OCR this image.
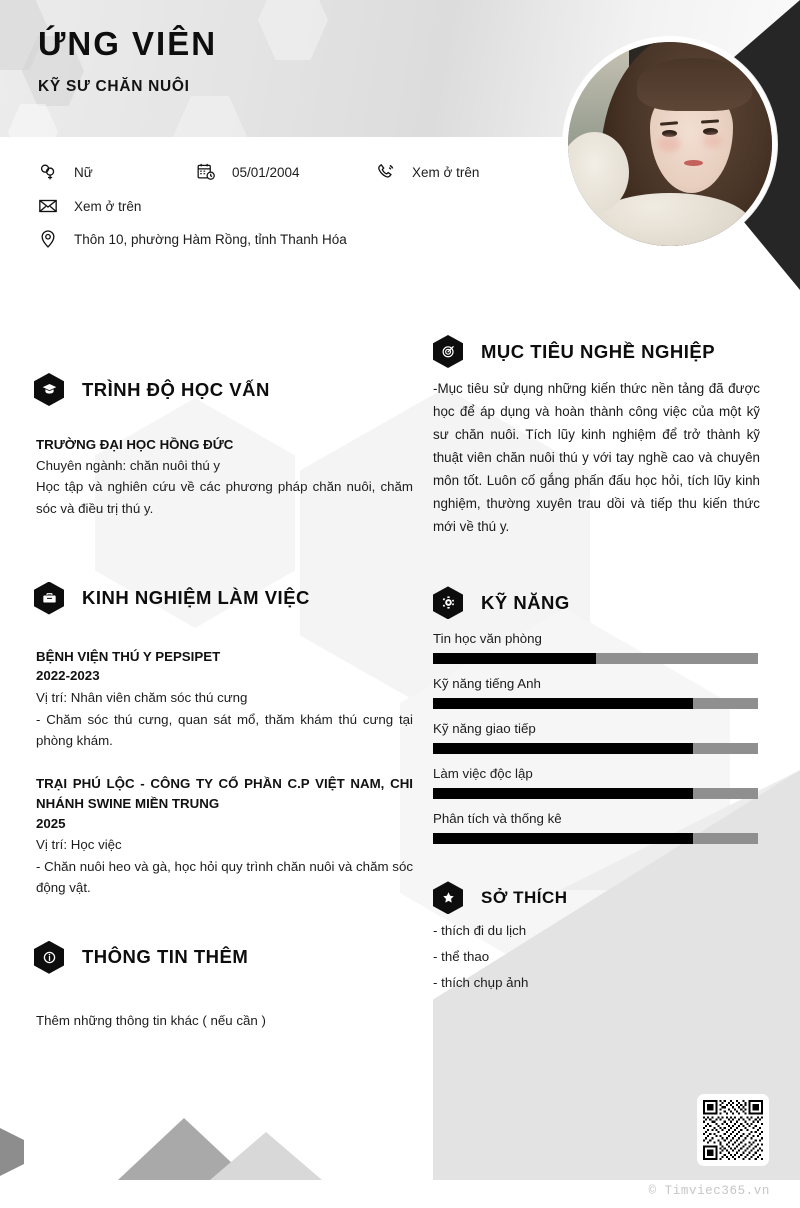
ỨNG VIÊN
KỸ SƯ CHĂN NUÔI
Nữ	05/01/2004	Xem ở trên
Xem ở trên
Thôn 10, phường Hàm Rồng, tỉnh Thanh Hóa
TRÌNH ĐỘ HỌC VẤN
TRƯỜNG ĐẠI HỌC HỒNG ĐỨC
Chuyên ngành: chăn nuôi thú y
Học tập và nghiên cứu về các phương pháp chăn nuôi, chăm sóc và điều trị thú y.
KINH NGHIỆM LÀM VIỆC
BỆNH VIỆN THÚ Y PEPSIPET
2022-2023
Vị trí: Nhân viên chăm sóc thú cưng
- Chăm sóc thú cưng, quan sát mổ, thăm khám thú cưng tại phòng khám.
TRẠI PHÚ LỘC - CÔNG TY CỔ PHẦN C.P VIỆT NAM, CHI NHÁNH SWINE MIỀN TRUNG
2025
Vị trí: Học việc
- Chăn nuôi heo và gà, học hỏi quy trình chăn nuôi và chăm sóc động vật.
THÔNG TIN THÊM
Thêm những thông tin khác ( nếu cần )
MỤC TIÊU NGHỀ NGHIỆP
-Mục tiêu sử dụng những kiến thức nền tảng đã được học để áp dụng và hoàn thành công việc của một kỹ sư chăn nuôi. Tích lũy kinh nghiệm để trở thành kỹ thuật viên chăn nuôi thú y với tay nghề cao và chuyên môn tốt. Luôn cố gắng phấn đấu học hỏi, tích lũy kinh nghiệm, thường xuyên trau dồi và tiếp thu kiến thức mới về thú y.
KỸ NĂNG
Tin học văn phòng
Kỹ năng tiếng Anh
Kỹ năng giao tiếp
Làm việc độc lập
Phân tích và thống kê
SỞ THÍCH
- thích đi du lịch
- thể thao
- thích chụp ảnh
© Timviec365.vn
